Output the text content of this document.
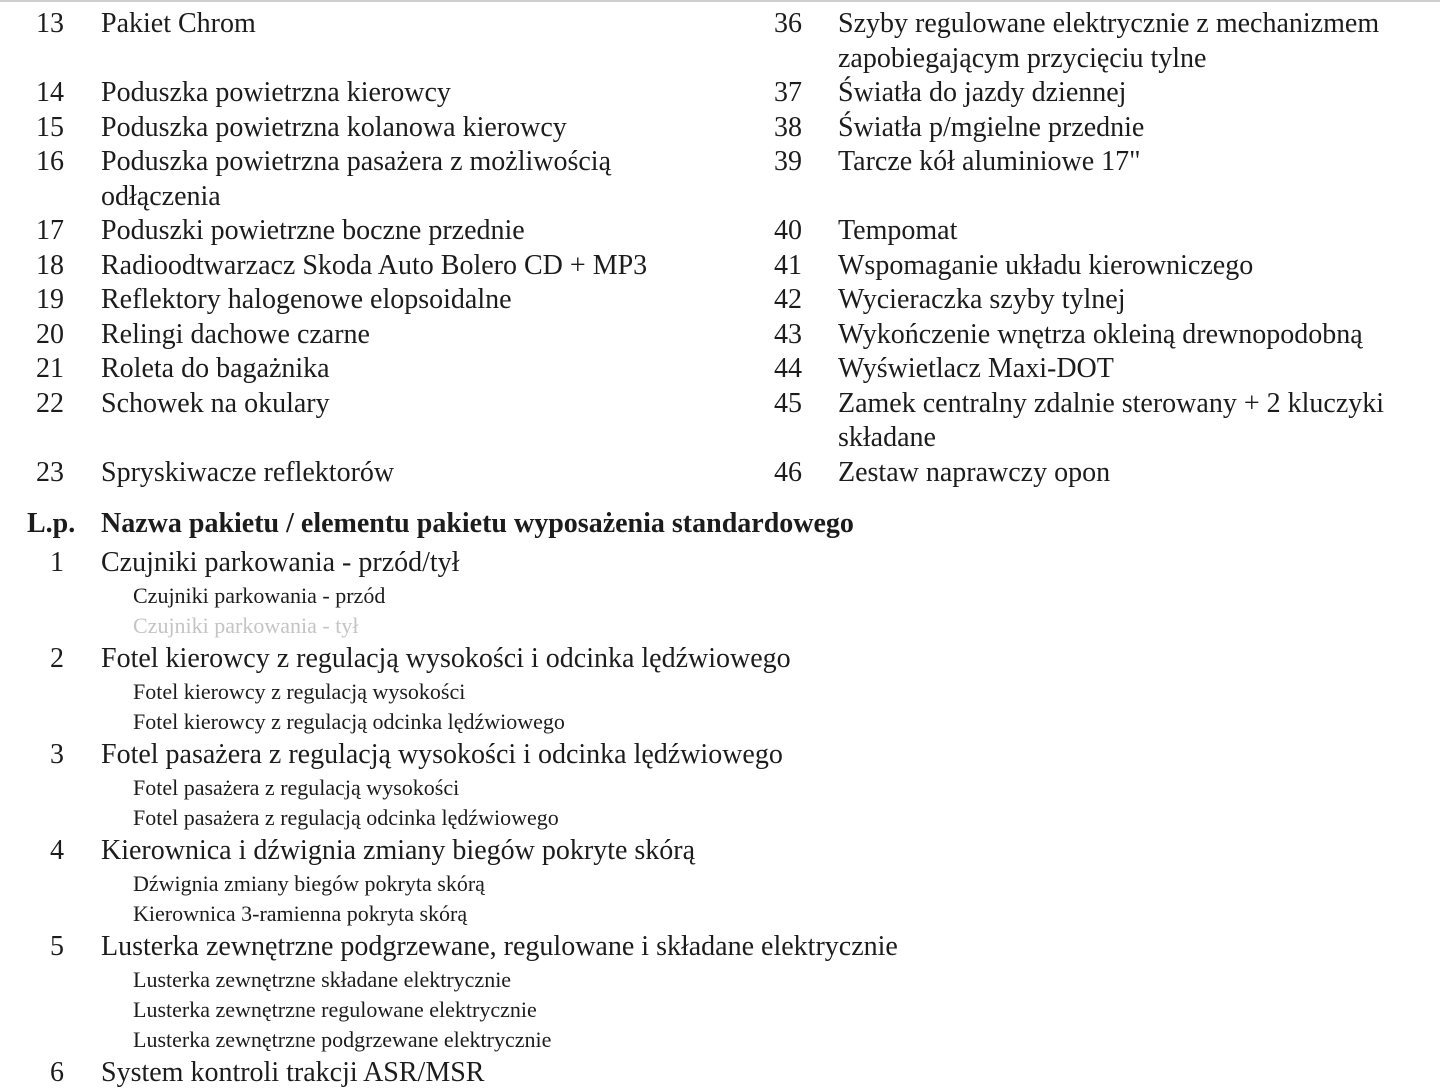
13 Pakiet Chrom
14 Poduszka powietrzna kierowcy
15 Poduszka powietrzna kolanowa kierowcy
16 Poduszka powietrzna pasażera z możliwością
odłączenia
17 Poduszki powietrzne boczne przednie
18 Radioodtwarzacz Skoda Auto Bolero CD + MP3
19 Reflektory halogenowe elopsoidalne
20 Relingi dachowe czarne
21 Roleta do bagażnika
22 Schowek na okulary
23 Spryskiwacze reflektorów
36 Szyby regulowane elektrycznie z mechanizmem
zapobiegającym przycięciu tylne
37 Światła do jazdy dziennej
38 Światła p/mgielne przednie
39 Tarcze kół aluminiowe 17"
40 Tempomat
41 Wspomaganie układu kierowniczego
42 Wycieraczka szyby tylnej
43 Wykończenie wnętrza okleiną drewnopodobną
44 Wyświetlacz Maxi-DOT
45 Zamek centralny zdalnie sterowany + 2 kluczyki
składane
46 Zestaw naprawczy opon
L.p. Nazwa pakietu / elementu pakietu wyposażenia standardowego
1 Czujniki parkowania - przód/tył
Czujniki parkowania - przód
Czujniki parkowania - tył
2 Fotel kierowcy z regulacją wysokości i odcinka lędźwiowego
Fotel kierowcy z regulacją wysokości
Fotel kierowcy z regulacją odcinka lędźwiowego
3 Fotel pasażera z regulacją wysokości i odcinka lędźwiowego
Fotel pasażera z regulacją wysokości
Fotel pasażera z regulacją odcinka lędźwiowego
4 Kierownica i dźwignia zmiany biegów pokryte skórą
Dźwignia zmiany biegów pokryta skórą
Kierownica 3-ramienna pokryta skórą
5 Lusterka zewnętrzne podgrzewane, regulowane i składane elektrycznie
Lusterka zewnętrzne składane elektrycznie
Lusterka zewnętrzne regulowane elektrycznie
Lusterka zewnętrzne podgrzewane elektrycznie
6 System kontroli trakcji ASR/MSR
